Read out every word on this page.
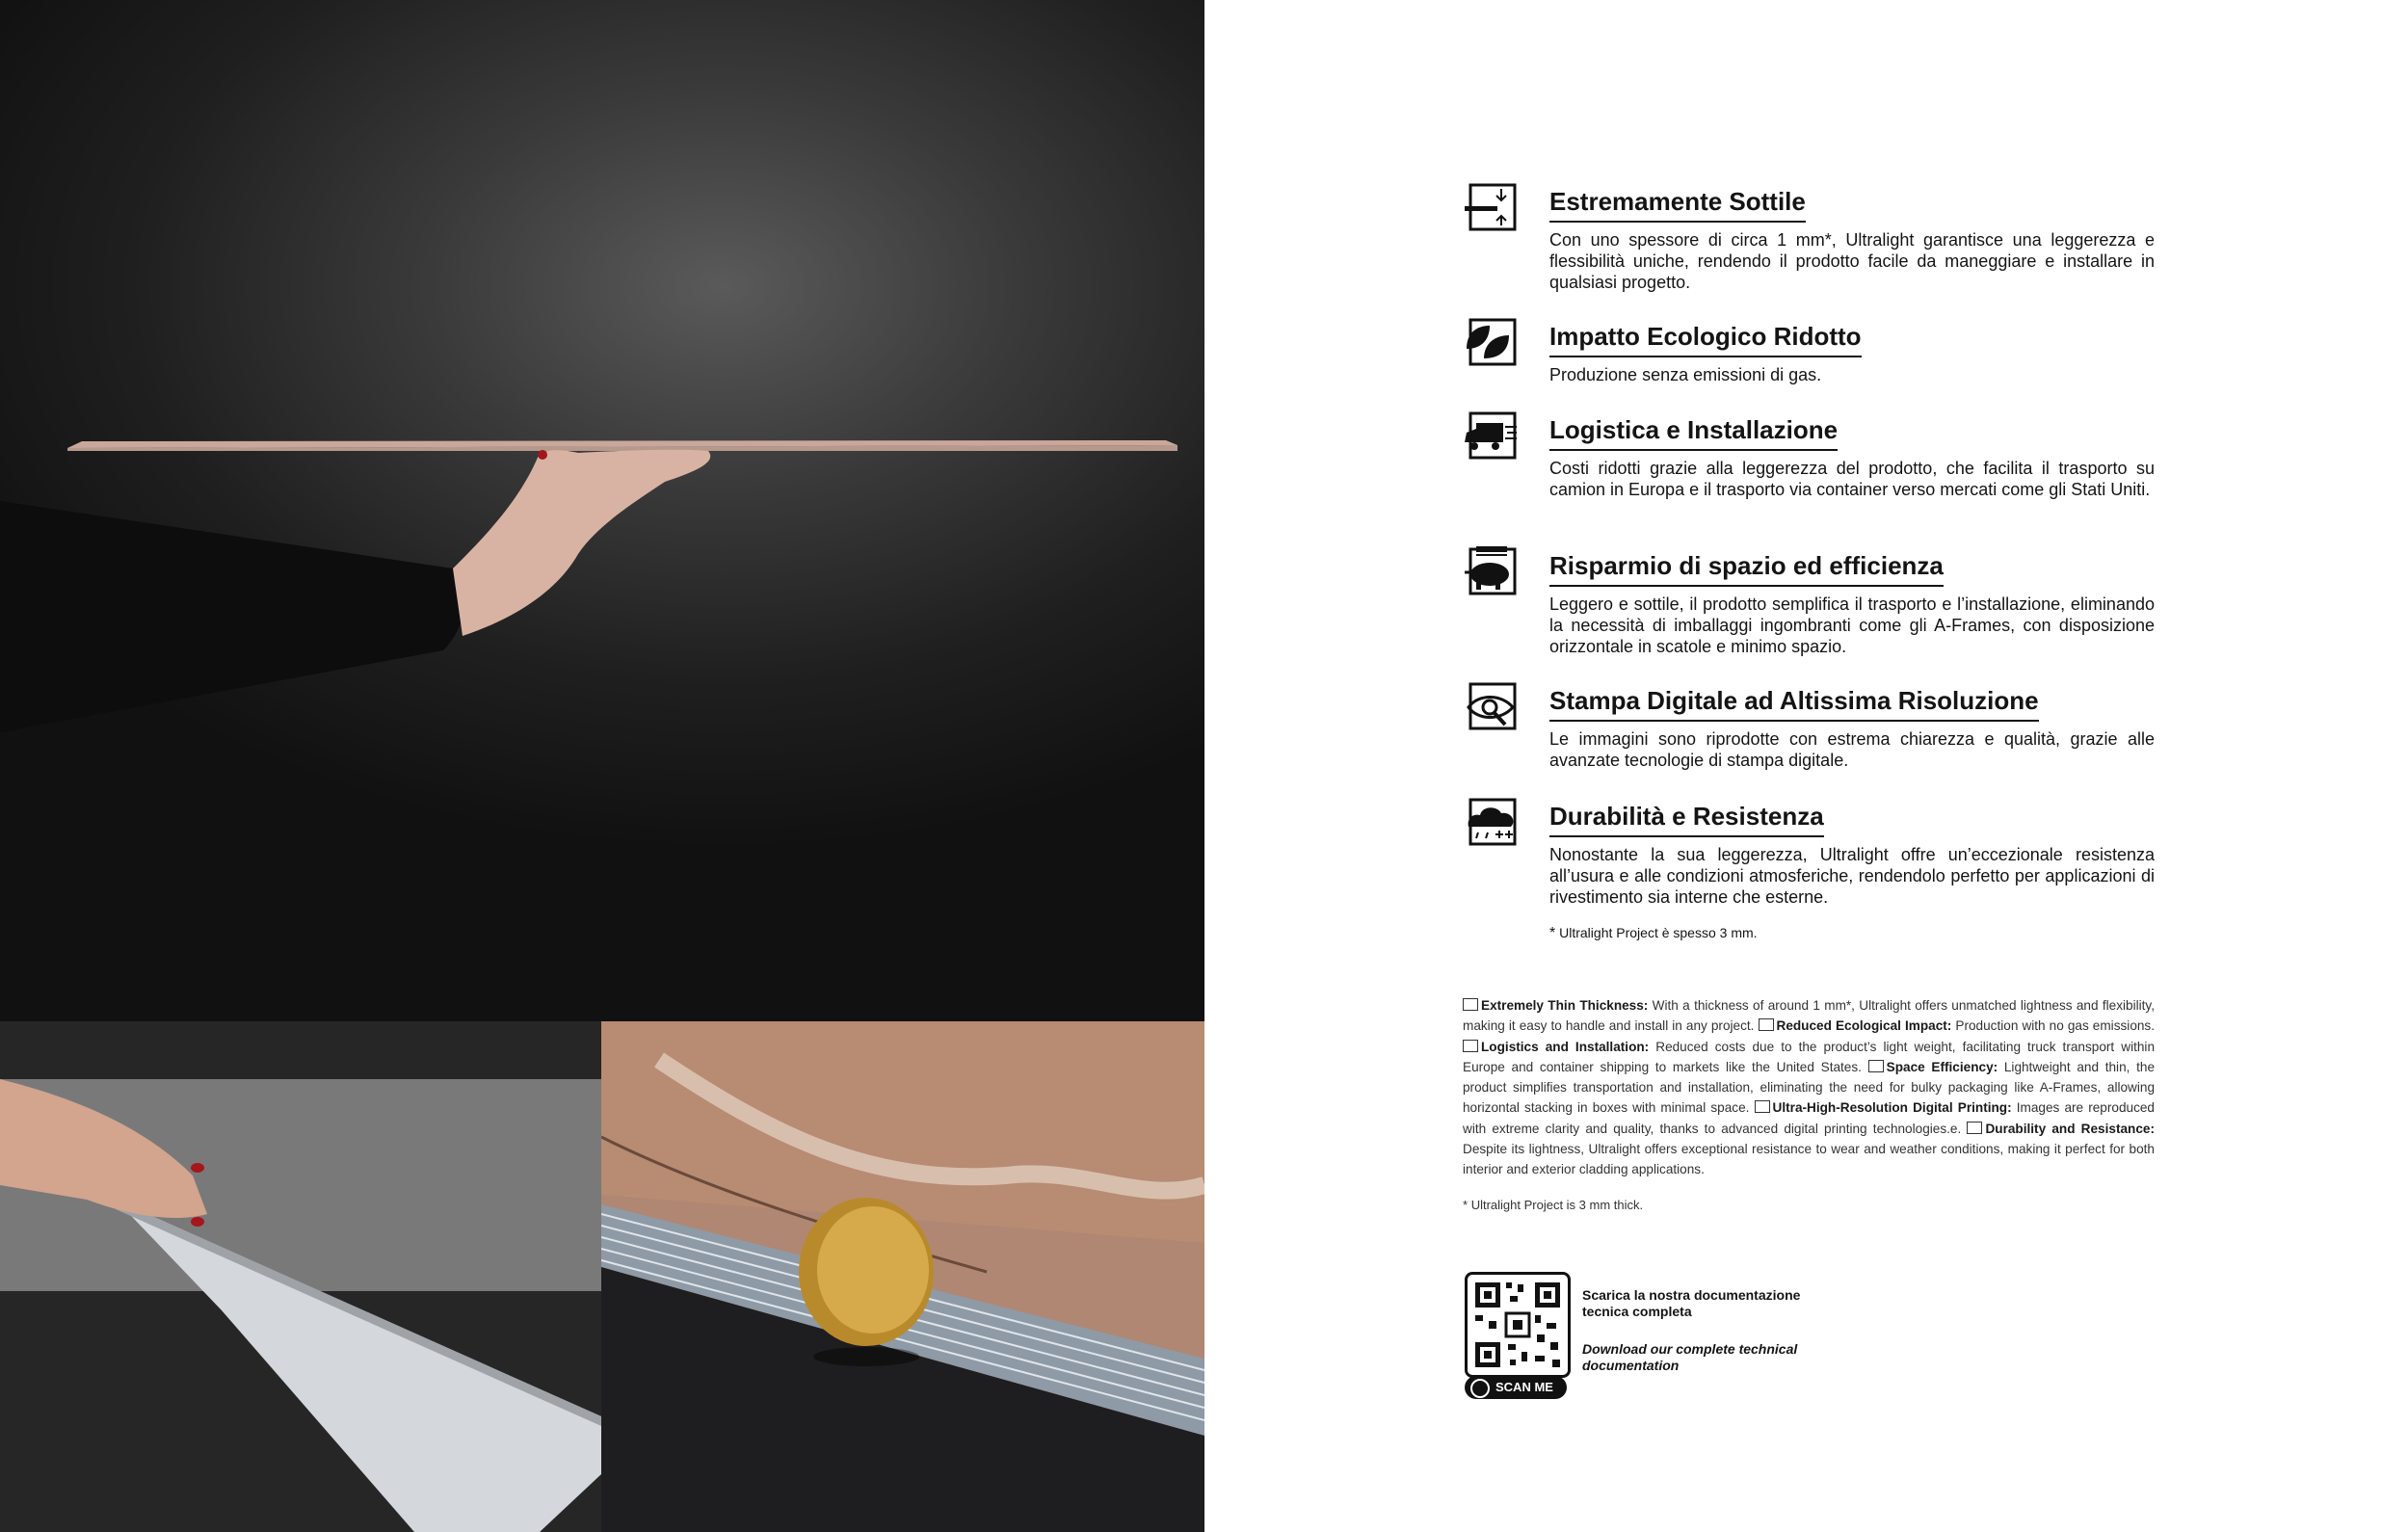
Estremamente Sottile

Con uno spessore di circa 1 mm*, Ultralight garantisce una leggerezza e flessibilità uniche, rendendo il prodotto facile da maneggiare e installare in qualsiasi progetto.

Impatto Ecologico Ridotto

Produzione senza emissioni di gas.

Logistica e Installazione

Costi ridotti grazie alla leggerezza del prodotto, che facilita il trasporto su camion in Europa e il trasporto via container verso mercati come gli Stati Uniti.

Risparmio di spazio ed efficienza

Leggero e sottile, il prodotto semplifica il trasporto e l’installazione, eliminando la necessità di imballaggi ingombranti come gli A-Frames, con disposizione orizzontale in scatole e minimo spazio.

Stampa Digitale ad Altissima Risoluzione

Le immagini sono riprodotte con estrema chiarezza e qualità, grazie alle avanzate tecnologie di stampa digitale.

Durabilità e Resistenza

Nonostante la sua leggerezza, Ultralight offre un’eccezionale resistenza all’usura e alle condizioni atmosferiche, rendendolo perfetto per applicazioni di rivestimento sia interne che esterne.

* Ultralight Project è spesso 3 mm.

Extremely Thin Thickness: With a thickness of around 1 mm*, Ultralight offers unmatched lightness and flexibility, making it easy to handle and install in any project. Reduced Ecological Impact: Production with no gas emissions. Logistics and Installation: Reduced costs due to the product’s light weight, facilitating truck transport within Europe and container shipping to markets like the United States. Space Efficiency: Lightweight and thin, the product simplifies transportation and installation, eliminating the need for bulky packaging like A-Frames, allowing horizontal stacking in boxes with minimal space. Ultra-High-Resolution Digital Printing: Images are reproduced with extreme clarity and quality, thanks to advanced digital printing technologies.e. Durability and Resistance: Despite its lightness, Ultralight offers exceptional resistance to wear and weather conditions, making it perfect for both interior and exterior cladding applications.

* Ultralight Project is 3 mm thick.
SCAN ME
Scarica la nostra documentazione tecnica completa
Download our complete technical documentation
